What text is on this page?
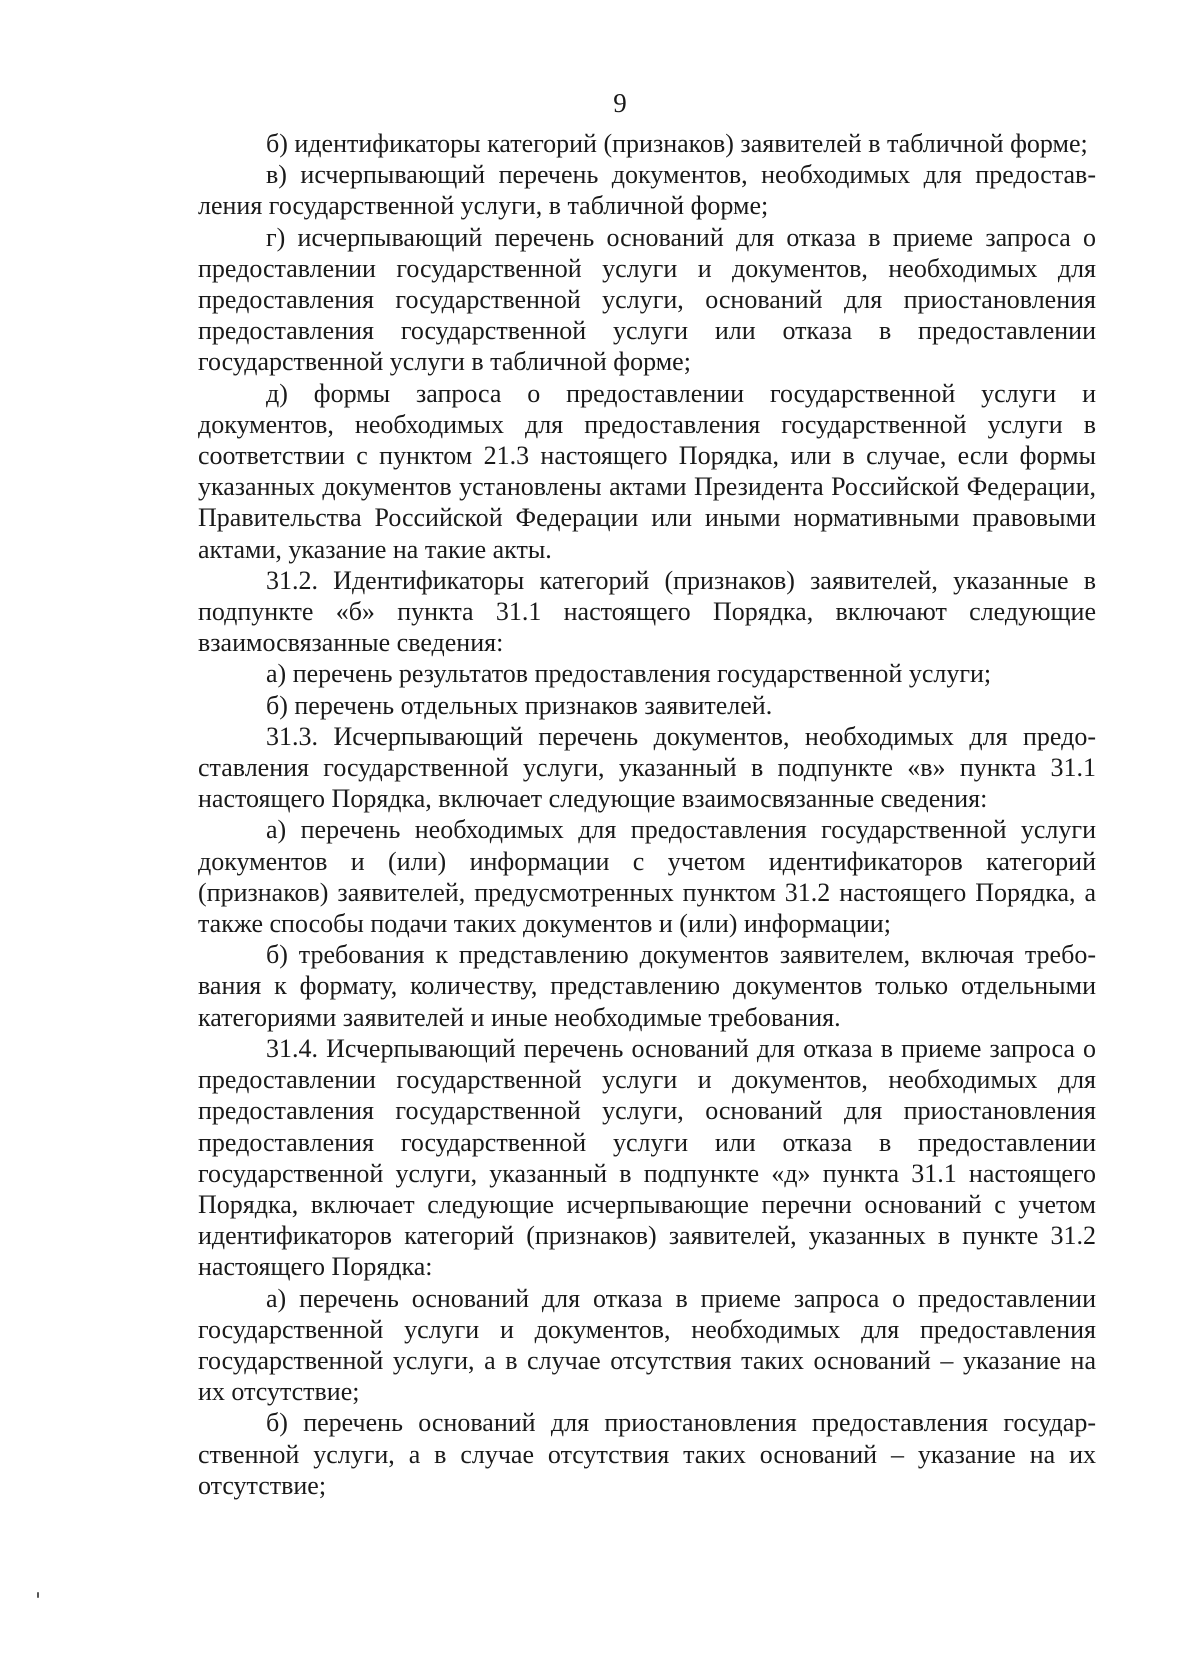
9

б) идентификаторы категорий (признаков) заявителей в табличной форме;

в) исчерпывающий перечень документов, необходимых для предоставления государственной услуги, в табличной форме;

г) исчерпывающий перечень оснований для отказа в приеме запроса о предоставлении государственной услуги и документов, необходимых для предоставления государственной услуги, оснований для приостановления предоставления государственной услуги или отказа в предоставлении государственной услуги в табличной форме;

д) формы запроса о предоставлении государственной услуги и документов, необходимых для предоставления государственной услуги в соответствии с пунктом 21.3 настоящего Порядка, или в случае, если формы указанных документов установлены актами Президента Российской Федерации, Правительства Российской Федерации или иными нормативными правовыми актами, указание на такие акты.

31.2. Идентификаторы категорий (признаков) заявителей, указанные в подпункте «б» пункта 31.1 настоящего Порядка, включают следующие взаимосвязанные сведения:

а) перечень результатов предоставления государственной услуги;

б) перечень отдельных признаков заявителей.

31.3. Исчерпывающий перечень документов, необходимых для предоставления государственной услуги, указанный в подпункте «в» пункта 31.1 настоящего Порядка, включает следующие взаимосвязанные сведения:

а) перечень необходимых для предоставления государственной услуги документов и (или) информации с учетом идентификаторов категорий (признаков) заявителей, предусмотренных пунктом 31.2 настоящего Порядка, а также способы подачи таких документов и (или) информации;

б) требования к представлению документов заявителем, включая требования к формату, количеству, представлению документов только отдельными категориями заявителей и иные необходимые требования.

31.4. Исчерпывающий перечень оснований для отказа в приеме запроса о предоставлении государственной услуги и документов, необходимых для предоставления государственной услуги, оснований для приостановления предоставления государственной услуги или отказа в предоставлении государственной услуги, указанный в подпункте «д» пункта 31.1 настоящего Порядка, включает следующие исчерпывающие перечни оснований с учетом идентификаторов категорий (признаков) заявителей, указанных в пункте 31.2 настоящего Порядка:

а) перечень оснований для отказа в приеме запроса о предоставлении государственной услуги и документов, необходимых для предоставления государственной услуги, а в случае отсутствия таких оснований – указание на их отсутствие;

б) перечень оснований для приостановления предоставления государственной услуги, а в случае отсутствия таких оснований – указание на их отсутствие;
